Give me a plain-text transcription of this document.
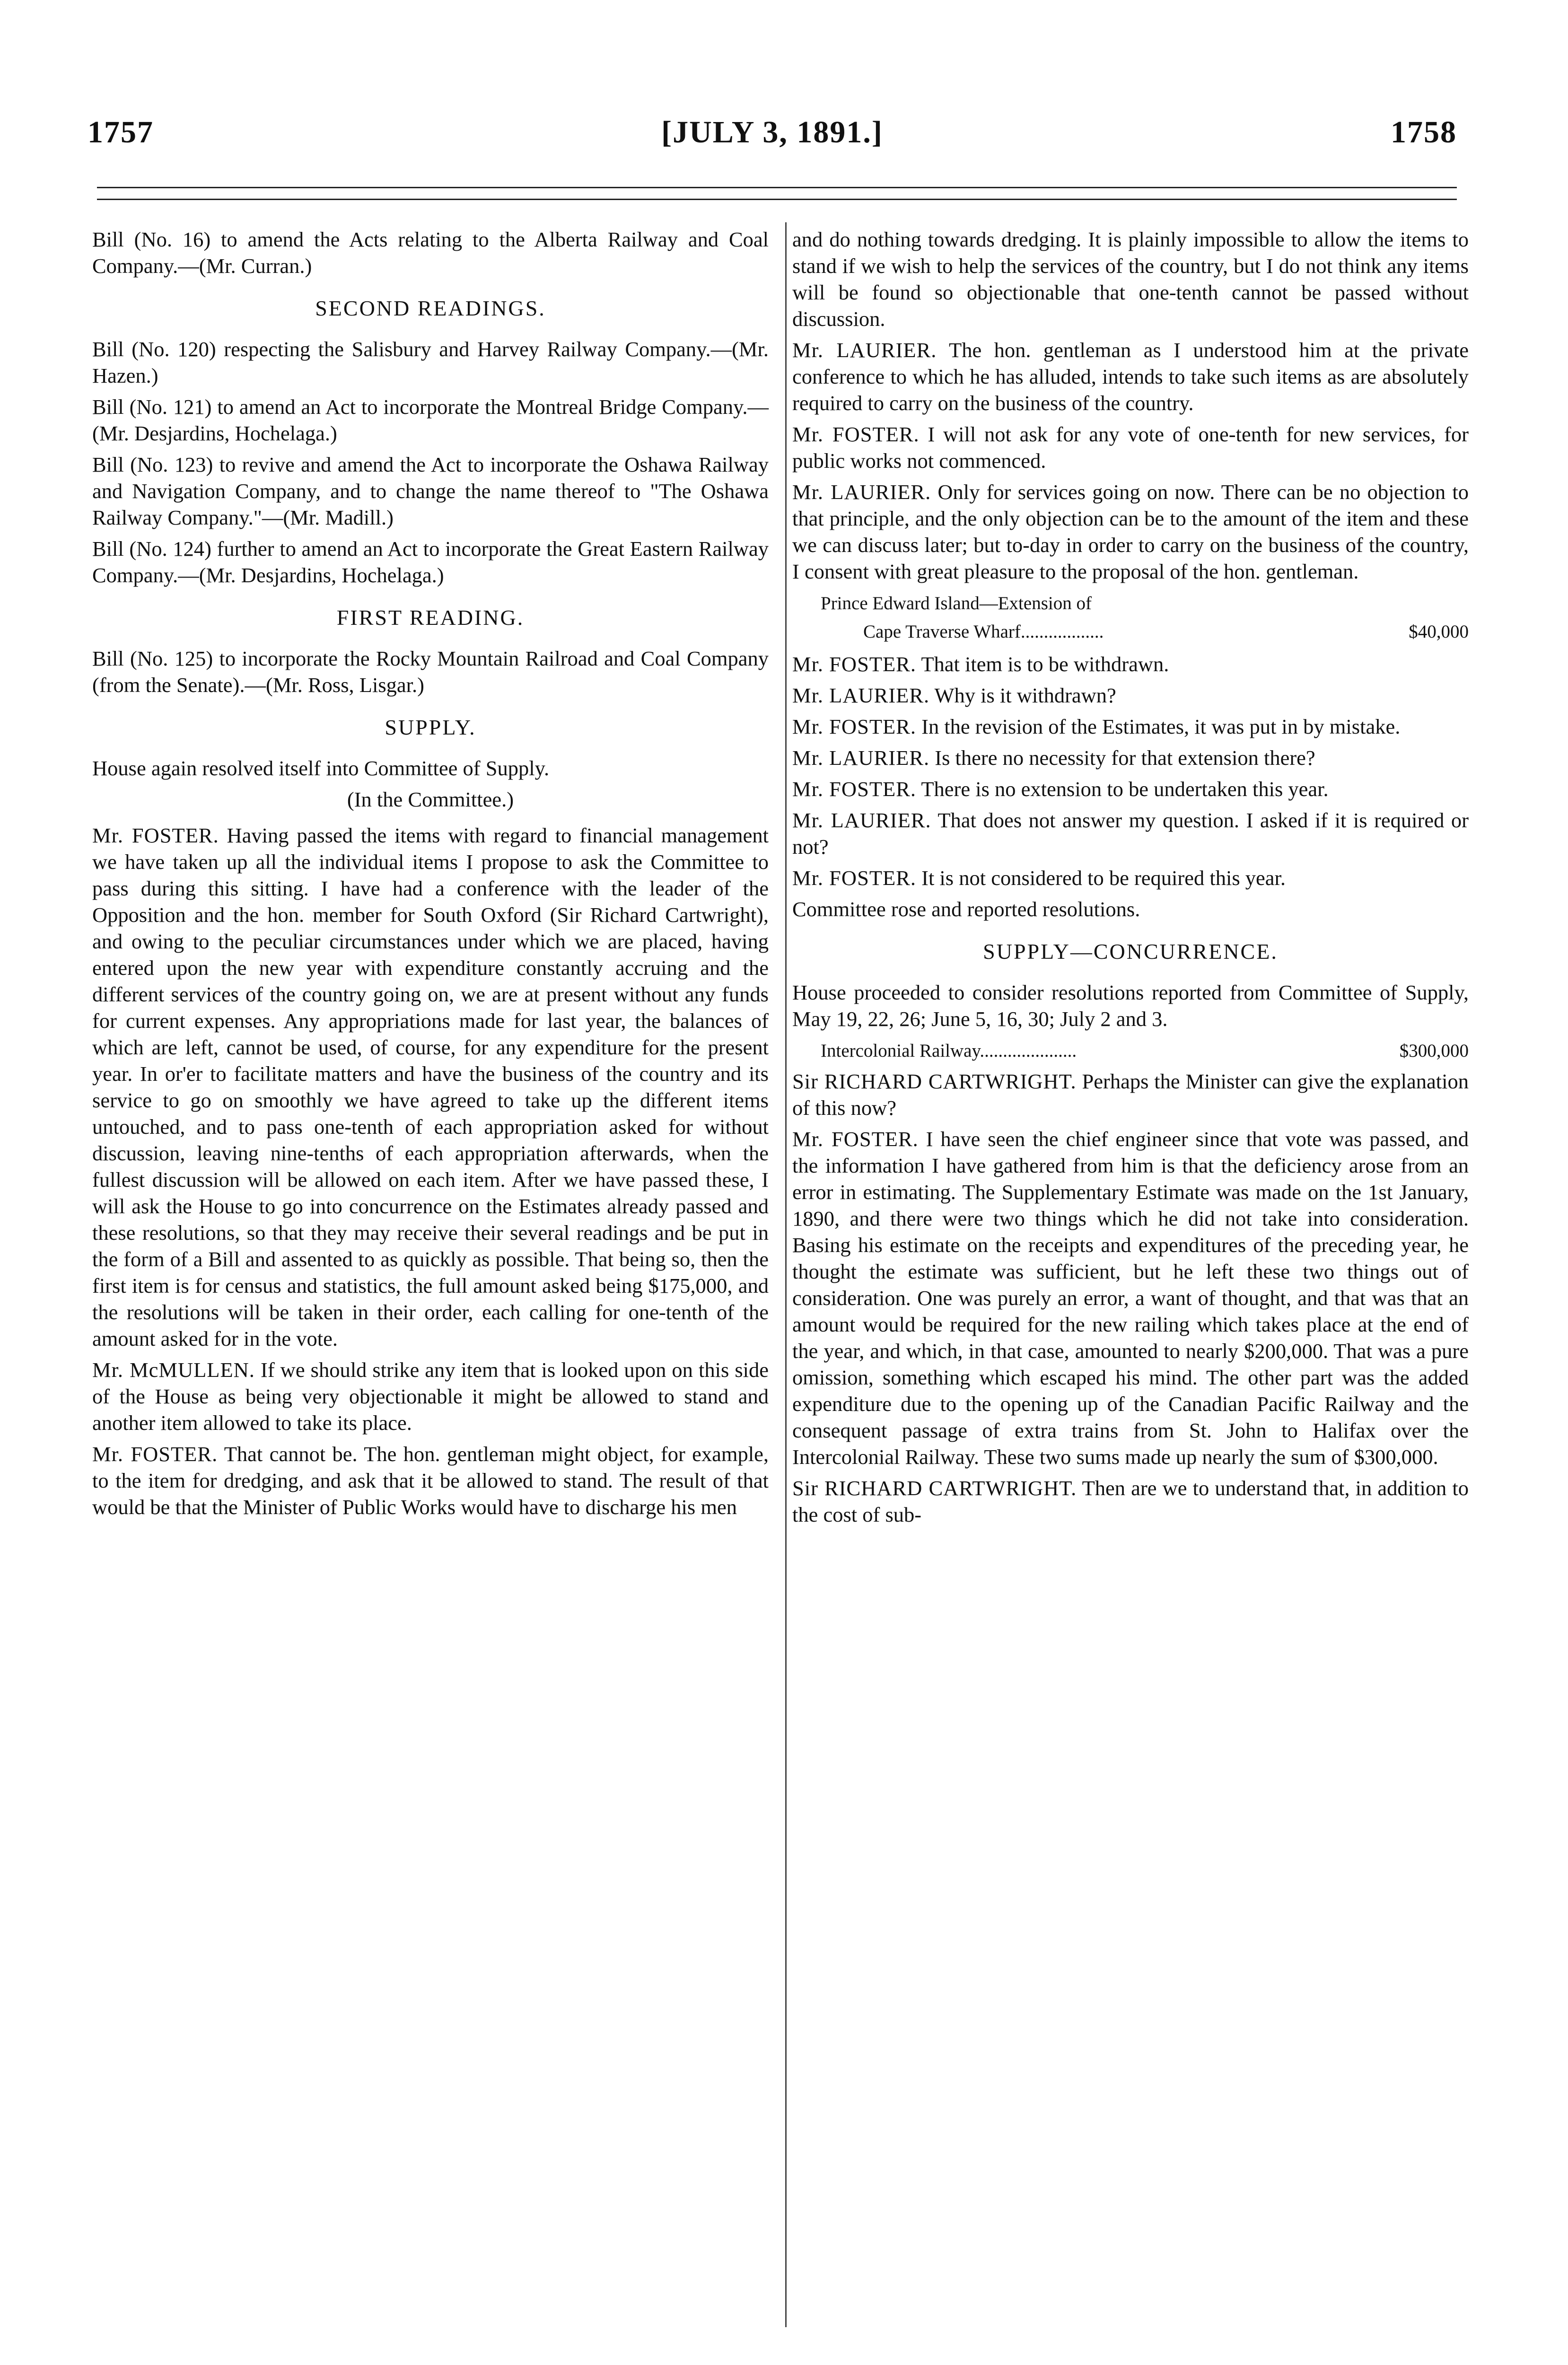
1757	[JULY 3, 1891.]	1758

Bill (No. 16) to amend the Acts relating to the Alberta Railway and Coal Company.—(Mr. Curran.)

SECOND READINGS.

Bill (No. 120) respecting the Salisbury and Harvey Railway Company.—(Mr. Hazen.)

Bill (No. 121) to amend an Act to incorporate the Montreal Bridge Company.—(Mr. Desjardins, Hochelaga.)

Bill (No. 123) to revive and amend the Act to incorporate the Oshawa Railway and Navigation Company, and to change the name thereof to "The Oshawa Railway Company."—(Mr. Madill.)

Bill (No. 124) further to amend an Act to incorporate the Great Eastern Railway Company.—(Mr. Desjardins, Hochelaga.)

FIRST READING.

Bill (No. 125) to incorporate the Rocky Mountain Railroad and Coal Company (from the Senate).—(Mr. Ross, Lisgar.)

SUPPLY.

House again resolved itself into Committee of Supply.

(In the Committee.)

Mr. FOSTER. Having passed the items with regard to financial management we have taken up all the individual items I propose to ask the Committee to pass during this sitting. I have had a conference with the leader of the Opposition and the hon. member for South Oxford (Sir Richard Cartwright), and owing to the peculiar circumstances under which we are placed, having entered upon the new year with expenditure constantly accruing and the different services of the country going on, we are at present without any funds for current expenses. Any appropriations made for last year, the balances of which are left, cannot be used, of course, for any expenditure for the present year. In or'er to facilitate matters and have the business of the country and its service to go on smoothly we have agreed to take up the different items untouched, and to pass one-tenth of each appropriation asked for without discussion, leaving nine-tenths of each appropriation afterwards, when the fullest discussion will be allowed on each item. After we have passed these, I will ask the House to go into concurrence on the Estimates already passed and these resolutions, so that they may receive their several readings and be put in the form of a Bill and assented to as quickly as possible. That being so, then the first item is for census and statistics, the full amount asked being $175,000, and the resolutions will be taken in their order, each calling for one-tenth of the amount asked for in the vote.

Mr. McMULLEN. If we should strike any item that is looked upon on this side of the House as being very objectionable it might be allowed to stand and another item allowed to take its place.

Mr. FOSTER. That cannot be. The hon. gentleman might object, for example, to the item for dredging, and ask that it be allowed to stand. The result of that would be that the Minister of Public Works would have to discharge his men

and do nothing towards dredging. It is plainly impossible to allow the items to stand if we wish to help the services of the country, but I do not think any items will be found so objectionable that one-tenth cannot be passed without discussion.

Mr. LAURIER. The hon. gentleman as I understood him at the private conference to which he has alluded, intends to take such items as are absolutely required to carry on the business of the country.

Mr. FOSTER. I will not ask for any vote of one-tenth for new services, for public works not commenced.

Mr. LAURIER. Only for services going on now. There can be no objection to that principle, and the only objection can be to the amount of the item and these we can discuss later; but to-day in order to carry on the business of the country, I consent with great pleasure to the proposal of the hon. gentleman.

Prince Edward Island—Extension of
Cape Traverse Wharf..................	$40,000

Mr. FOSTER. That item is to be withdrawn.

Mr. LAURIER. Why is it withdrawn?

Mr. FOSTER. In the revision of the Estimates, it was put in by mistake.

Mr. LAURIER. Is there no necessity for that extension there?

Mr. FOSTER. There is no extension to be undertaken this year.

Mr. LAURIER. That does not answer my question. I asked if it is required or not?

Mr. FOSTER. It is not considered to be required this year.

Committee rose and reported resolutions.

SUPPLY—CONCURRENCE.

House proceeded to consider resolutions reported from Committee of Supply, May 19, 22, 26; June 5, 16, 30; July 2 and 3.

Intercolonial Railway.....................	$300,000

Sir RICHARD CARTWRIGHT. Perhaps the Minister can give the explanation of this now?

Mr. FOSTER. I have seen the chief engineer since that vote was passed, and the information I have gathered from him is that the deficiency arose from an error in estimating. The Supplementary Estimate was made on the 1st January, 1890, and there were two things which he did not take into consideration. Basing his estimate on the receipts and expenditures of the preceding year, he thought the estimate was sufficient, but he left these two things out of consideration. One was purely an error, a want of thought, and that was that an amount would be required for the new railing which takes place at the end of the year, and which, in that case, amounted to nearly $200,000. That was a pure omission, something which escaped his mind. The other part was the added expenditure due to the opening up of the Canadian Pacific Railway and the consequent passage of extra trains from St. John to Halifax over the Intercolonial Railway. These two sums made up nearly the sum of $300,000.

Sir RICHARD CARTWRIGHT. Then are we to understand that, in addition to the cost of sub-
